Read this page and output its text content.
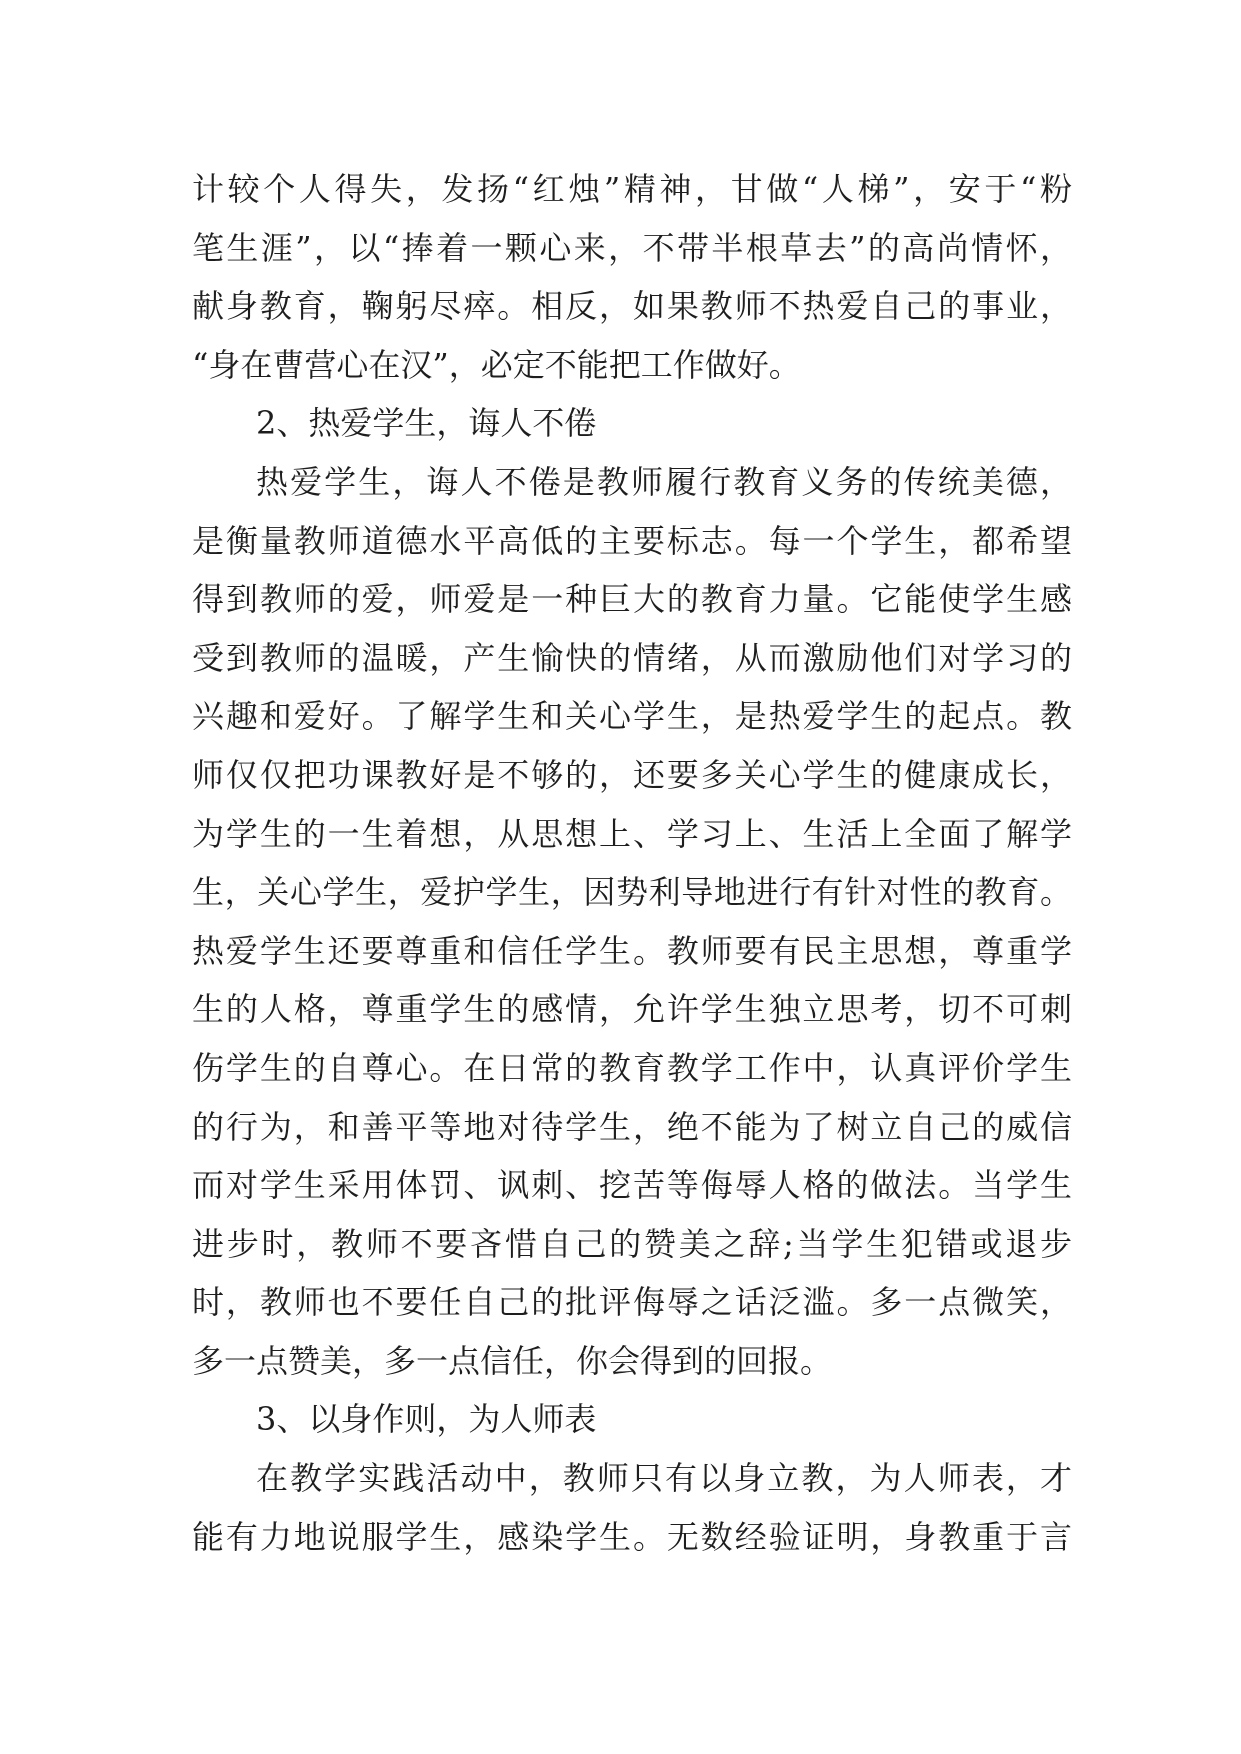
计较个人得失，发扬“红烛”精神，甘做“人梯”，安于“粉
笔生涯”，以“捧着一颗心来，不带半根草去”的高尚情怀，
献身教育，鞠躬尽瘁。相反，如果教师不热爱自己的事业，
“身在曹营心在汉”，必定不能把工作做好。
2、热爱学生，诲人不倦
热爱学生，诲人不倦是教师履行教育义务的传统美德，
是衡量教师道德水平高低的主要标志。每一个学生，都希望
得到教师的爱，师爱是一种巨大的教育力量。它能使学生感
受到教师的温暖，产生愉快的情绪，从而激励他们对学习的
兴趣和爱好。了解学生和关心学生，是热爱学生的起点。教
师仅仅把功课教好是不够的，还要多关心学生的健康成长，
为学生的一生着想，从思想上、学习上、生活上全面了解学
生，关心学生，爱护学生，因势利导地进行有针对性的教育。
热爱学生还要尊重和信任学生。教师要有民主思想，尊重学
生的人格，尊重学生的感情，允许学生独立思考，切不可刺
伤学生的自尊心。在日常的教育教学工作中，认真评价学生
的行为，和善平等地对待学生，绝不能为了树立自己的威信
而对学生采用体罚、讽刺、挖苦等侮辱人格的做法。当学生
进步时，教师不要吝惜自己的赞美之辞;当学生犯错或退步
时，教师也不要任自己的批评侮辱之话泛滥。多一点微笑，
多一点赞美，多一点信任，你会得到的回报。
3、以身作则，为人师表
在教学实践活动中，教师只有以身立教，为人师表，才
能有力地说服学生，感染学生。无数经验证明，身教重于言
